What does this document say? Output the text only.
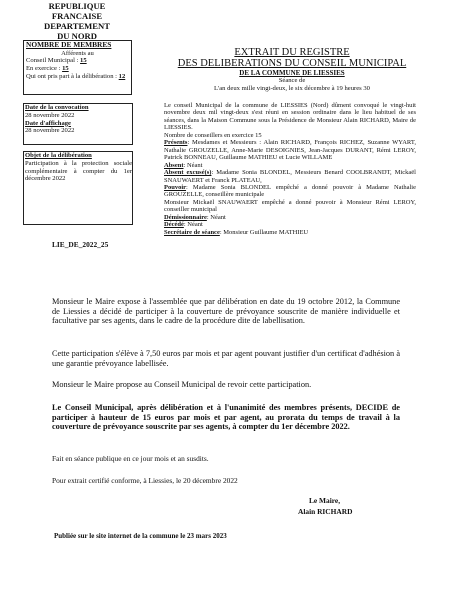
REPUBLIQUE FRANCAISE
DEPARTEMENT
DU NORD
NOMBRE DE MEMBRES
Afférents au
Conseil Municipal : 15
En exercice : 15
Qui ont pris part à la délibération : 12
Date de la convocation
28 novembre 2022
Date d'affichage
28 novembre 2022
Objet de la délibération
Participation à la protection sociale complémentaire à compter du 1er décembre 2022
LIE_DE_2022_25
EXTRAIT DU REGISTRE
DES DELIBERATIONS DU CONSEIL MUNICIPAL
DE LA COMMUNE DE LIESSIES
Séance de
L'an deux mille vingt-deux, le six décembre à 19 heures 30
Le conseil Municipal de la commune de LIESSIES (Nord) dûment convoqué le vingt-huit novembre deux mil vingt-deux s'est réuni en session ordinaire dans le lieu habituel de ses séances, dans la Maison Commune sous la Présidence de Monsieur Alain RICHARD, Maire de LIESSIES.
Nombre de conseillers en exercice 15
Présents: Mesdames et Messieurs : Alain RICHARD, François RICHEZ, Suzanne WYART, Nathalie GROUZELLE, Anne-Marie DESOIGNIES, Jean-Jacques DURANT, Rémi LEROY, Patrick BONNEAU, Guillaume MATHIEU et Lucie WILLAME
Absent: Néant
Absent excusé(s): Madame Sonia BLONDEL, Messieurs Benard COOLBRANDT, Mickaël SNAUWAERT et Franck PLATEAU,
Pouvoir: Madame Sonia BLONDEL empêché a donné pouvoir à Madame Nathalie GROUZELLE, conseillère municipale
Monsieur Mickaël SNAUWAERT empêché a donné pouvoir à Monsieur Rémi LEROY, conseiller municipal
Démissionnaire: Néant
Décédé: Néant
Secrétaire de séance: Monsieur Guillaume MATHIEU
Monsieur le Maire expose à l'assemblée que par délibération en date du 19 octobre 2012, la Commune de Liessies a décidé de participer à la couverture de prévoyance souscrite de manière individuelle et facultative par ses agents, dans le cadre de la procédure dite de labellisation.
Cette participation s'élève à 7,50 euros par mois et par agent pouvant justifier d'un certificat d'adhésion à une garantie prévoyance labellisée.
Monsieur le Maire propose au Conseil Municipal de revoir cette participation.
Le Conseil Municipal, après délibération et à l'unanimité des membres présents, DECIDE de participer à hauteur de 15 euros par mois et par agent, au prorata du temps de travail à la couverture de prévoyance souscrite par ses agents, à compter du 1er décembre 2022.
Fait en séance publique en ce jour mois et an susdits.
Pour extrait certifié conforme, à Liessies, le 20 décembre 2022
Le Maire,
Alain RICHARD
Publiée sur le site internet de la commune le 23 mars 2023
